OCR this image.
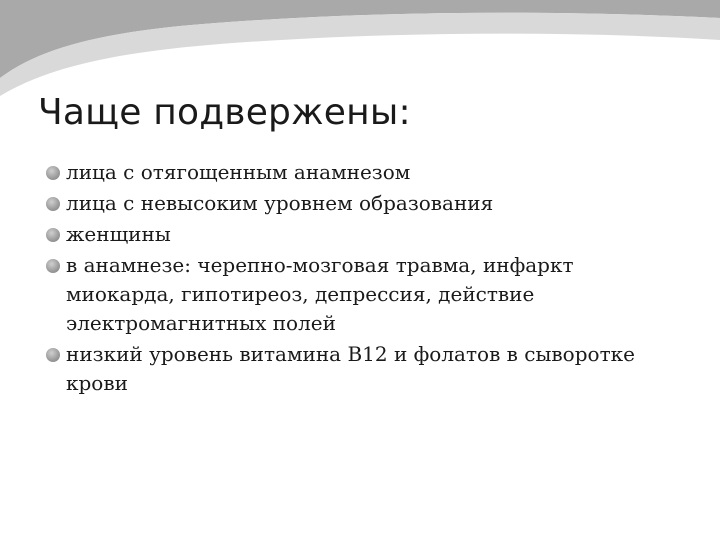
Чаще подвержены:
лица с отягощенным анамнезом
лица с невысоким уровнем образования
женщины
в анамнезе: черепно-мозговая травма, инфаркт миокарда, гипотиреоз, депрессия, действие электромагнитных полей
низкий уровень витамина В12 и фолатов в сыворотке крови
